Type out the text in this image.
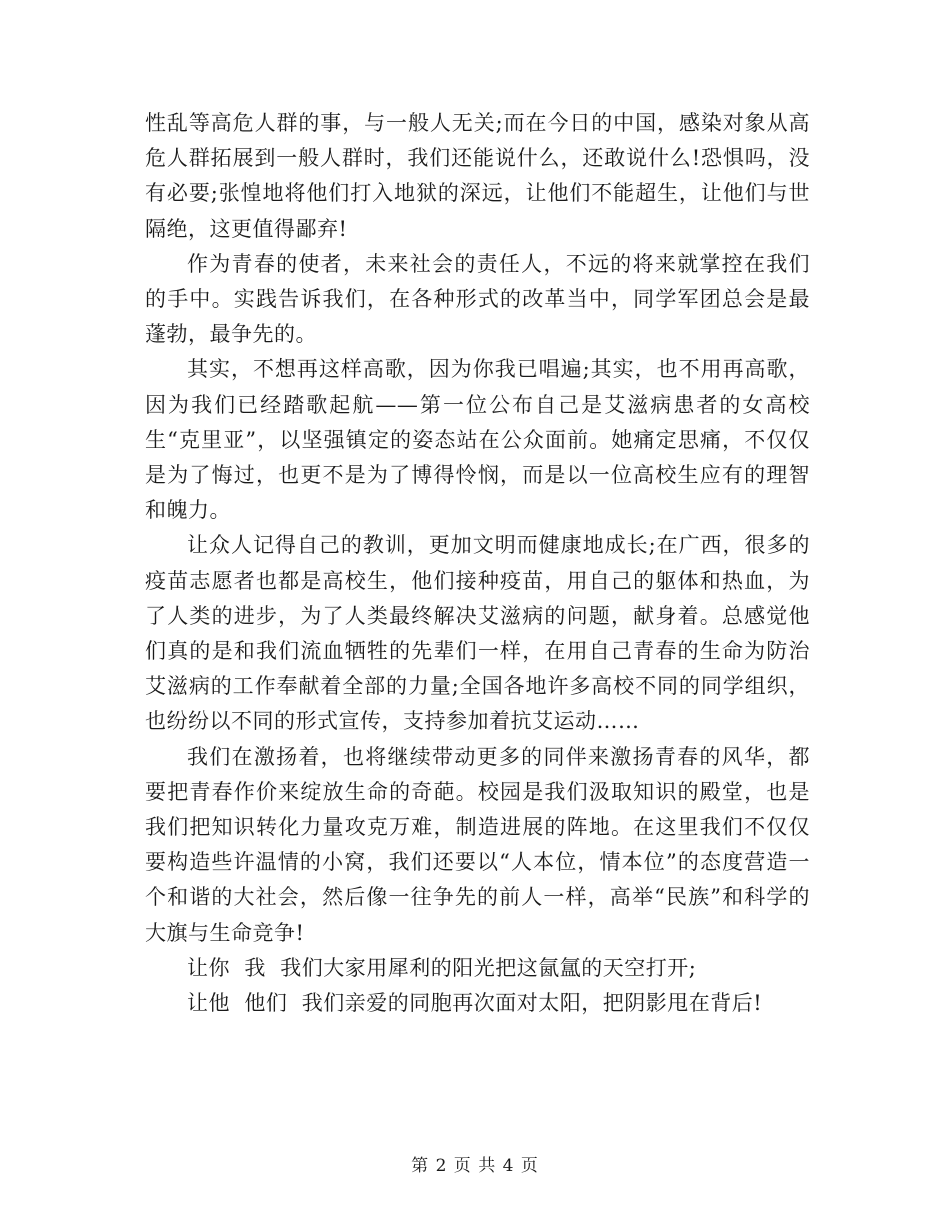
性乱等高危人群的事，与一般人无关;而在今日的中国，感染对象从高危人群拓展到一般人群时，我们还能说什么，还敢说什么!恐惧吗，没有必要;张惶地将他们打入地狱的深远，让他们不能超生，让他们与世隔绝，这更值得鄙弃!

作为青春的使者，未来社会的责任人，不远的将来就掌控在我们的手中。实践告诉我们，在各种形式的改革当中，同学军团总会是最蓬勃，最争先的。

其实，不想再这样高歌，因为你我已唱遍;其实，也不用再高歌，因为我们已经踏歌起航——第一位公布自己是艾滋病患者的女高校生“克里亚”，以坚强镇定的姿态站在公众面前。她痛定思痛，不仅仅是为了悔过，也更不是为了博得怜悯，而是以一位高校生应有的理智和魄力。

让众人记得自己的教训，更加文明而健康地成长;在广西，很多的疫苗志愿者也都是高校生，他们接种疫苗，用自己的躯体和热血，为了人类的进步，为了人类最终解决艾滋病的问题，献身着。总感觉他们真的是和我们流血牺牲的先辈们一样，在用自己青春的生命为防治艾滋病的工作奉献着全部的力量;全国各地许多高校不同的同学组织，也纷纷以不同的形式宣传，支持参加着抗艾运动……

我们在激扬着，也将继续带动更多的同伴来激扬青春的风华，都要把青春作价来绽放生命的奇葩。校园是我们汲取知识的殿堂，也是我们把知识转化力量攻克万难，制造进展的阵地。在这里我们不仅仅要构造些许温情的小窝，我们还要以“人本位，情本位”的态度营造一个和谐的大社会，然后像一往争先的前人一样，高举“民族”和科学的大旗与生命竞争!

让你  我  我们大家用犀利的阳光把这氤氲的天空打开;

让他  他们  我们亲爱的同胞再次面对太阳，把阴影甩在背后!

第 2 页 共 4 页
